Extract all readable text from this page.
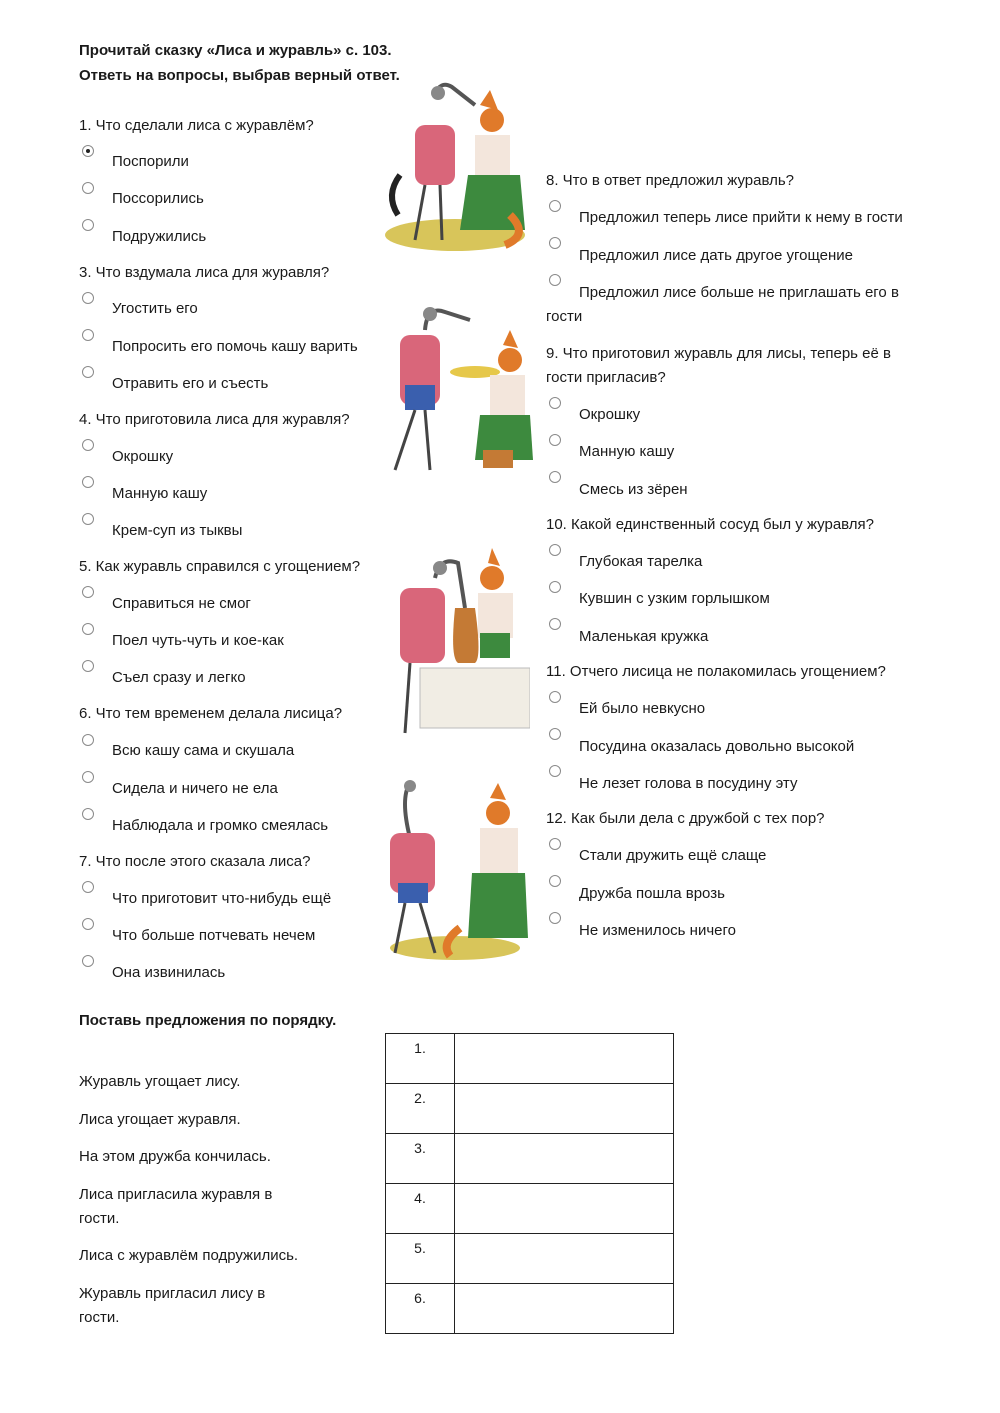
Прочитай сказку «Лиса и журавль» с. 103.
Ответь на вопросы, выбрав верный ответ.
1. Что сделали лиса с журавлём?
Поспорили
Поссорились
Подружились
3. Что вздумала лиса для журавля?
Угостить его
Попросить его помочь кашу варить
Отравить его и съесть
4. Что приготовила лиса для журавля?
Окрошку
Манную кашу
Крем-суп из тыквы
5. Как журавль справился с угощением?
Справиться не смог
Поел чуть-чуть и кое-как
Съел сразу и легко
6. Что тем временем делала лисица?
Всю кашу сама и скушала
Сидела и ничего не ела
Наблюдала и громко смеялась
7. Что после этого сказала лиса?
Что приготовит что-нибудь ещё
Что больше потчевать нечем
Она извинилась
8. Что в ответ предложил журавль?
Предложил теперь лисе прийти к нему в гости
Предложил лисе дать другое угощение
Предложил лисе больше не приглашать его в
гости
9. Что приготовил журавль для лисы, теперь её в
гости пригласив?
Окрошку
Манную кашу
Смесь из зёрен
10. Какой единственный сосуд был у журавля?
Глубокая тарелка
Кувшин с узким горлышком
Маленькая кружка
11. Отчего лисица не полакомилась угощением?
Ей было невкусно
Посудина оказалась довольно высокой
Не лезет голова в посудину эту
12. Как были дела с дружбой с тех пор?
Стали дружить ещё слаще
Дружба пошла врозь
Не изменилось ничего
Поставь предложения по порядку.
Журавль угощает лису.
Лиса угощает журавля.
На этом дружба кончилась.
Лиса пригласила журавля в
гости.
Лиса с журавлём подружились.
Журавль пригласил лису в
гости.
1.	
2.	
3.	
4.	
5.	
6.	
